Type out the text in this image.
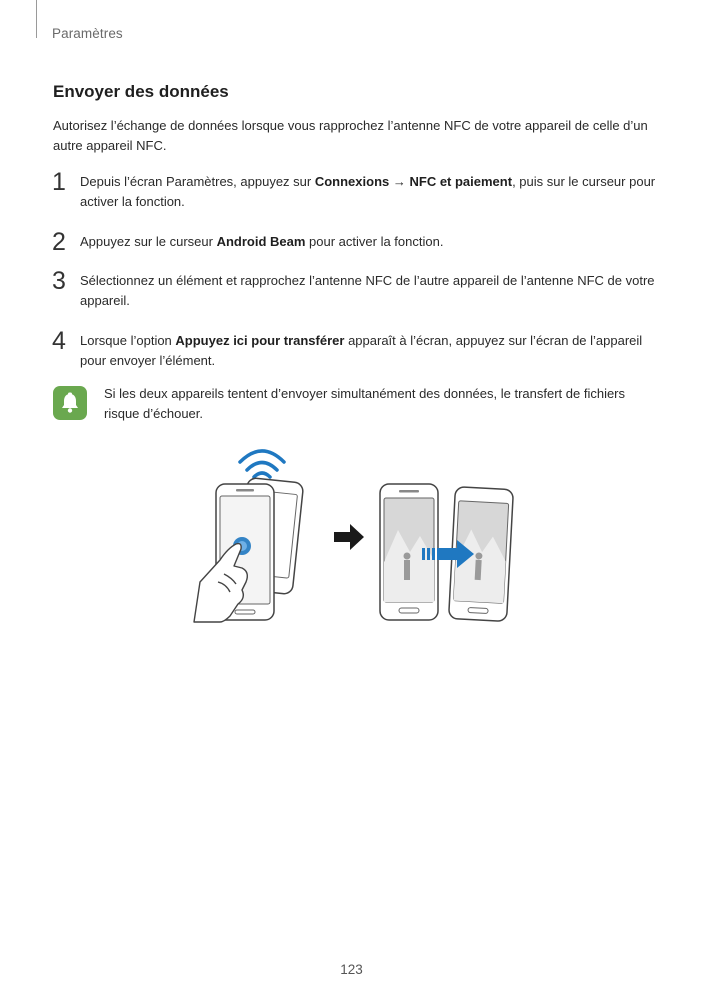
Paramètres
Envoyer des données

Autorisez l’échange de données lorsque vous rapprochez l’antenne NFC de votre appareil de celle d’un autre appareil NFC.

1 Depuis l’écran Paramètres, appuyez sur Connexions → NFC et paiement, puis sur le curseur pour activer la fonction.
2 Appuyez sur le curseur Android Beam pour activer la fonction.
3 Sélectionnez un élément et rapprochez l’antenne NFC de l’autre appareil de l’antenne NFC de votre appareil.
4 Lorsque l’option Appuyez ici pour transférer apparaît à l’écran, appuyez sur l’écran de l’appareil pour envoyer l’élément.
Si les deux appareils tentent d’envoyer simultanément des données, le transfert de fichiers risque d’échouer.
123
